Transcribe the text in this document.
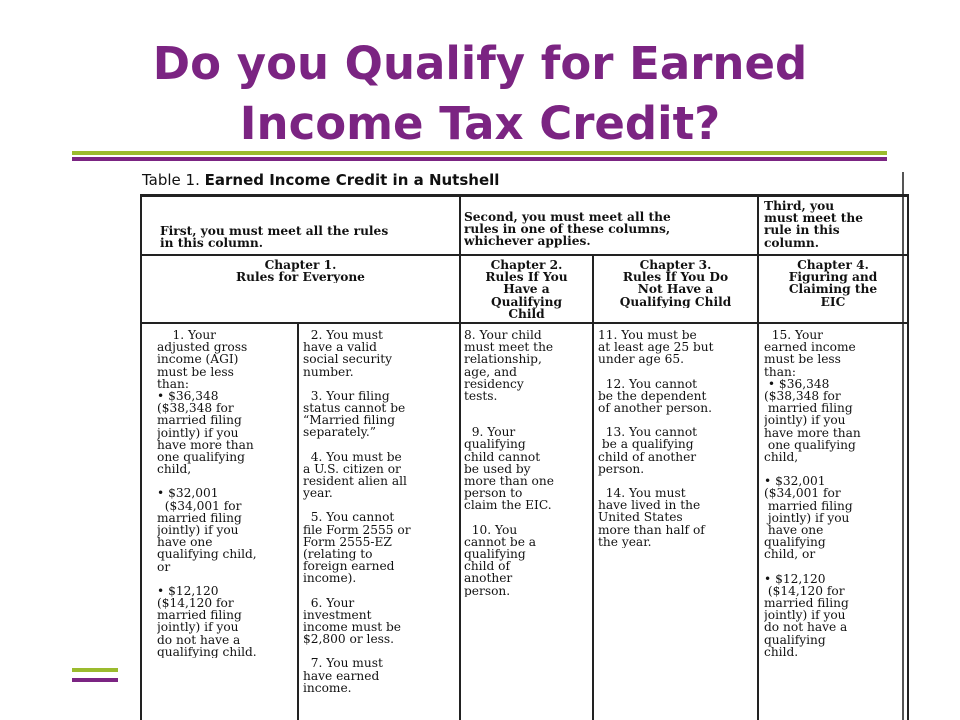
Do you Qualify for Earned
Income Tax Credit?
Table 1. Earned Income Credit in a Nutshell

First, you must meet all the rules
in this column.

Second, you must meet all the
rules in one of these columns,
whichever applies.

Third, you
must meet the
rule in this
column.

Chapter 1.
Rules for Everyone

Chapter 2.
Rules If You
Have a
Qualifying
Child

Chapter 3.
Rules If You Do
Not Have a
Qualifying Child

Chapter 4.
Figuring and
Claiming the
EIC

1. Your
adjusted gross
income (AGI)
must be less
than:
• $36,348
($38,348 for
married filing
jointly) if you
have more than
one qualifying
child,

• $32,001
($34,001 for
married filing
jointly) if you
have one
qualifying child,
or

• $12,120
($14,120 for
married filing
jointly) if you
do not have a
qualifying child.

2. You must
have a valid
social security
number.

3. Your filing
status cannot be
“Married filing
separately.”

4. You must be
a U.S. citizen or
resident alien all
year.

5. You cannot
file Form 2555 or
Form 2555-EZ
(relating to
foreign earned
income).

6. Your
investment
income must be
$2,800 or less.

7. You must
have earned
income.

8. Your child
must meet the
relationship,
age, and
residency
tests.

9. Your
qualifying
child cannot
be used by
more than one
person to
claim the EIC.

10. You
cannot be a
qualifying
child of
another
person.

11. You must be
at least age 25 but
under age 65.

12. You cannot
be the dependent
of another person.

13. You cannot
be a qualifying
child of another
person.

14. You must
have lived in the
United States
more than half of
the year.

15. Your
earned income
must be less
than:
• $36,348
($38,348 for
married filing
jointly) if you
have more than
one qualifying
child,

• $32,001
($34,001 for
married filing
jointly) if you
have one
qualifying
child, or

• $12,120
($14,120 for
married filing
jointly) if you
do not have a
qualifying
child.
